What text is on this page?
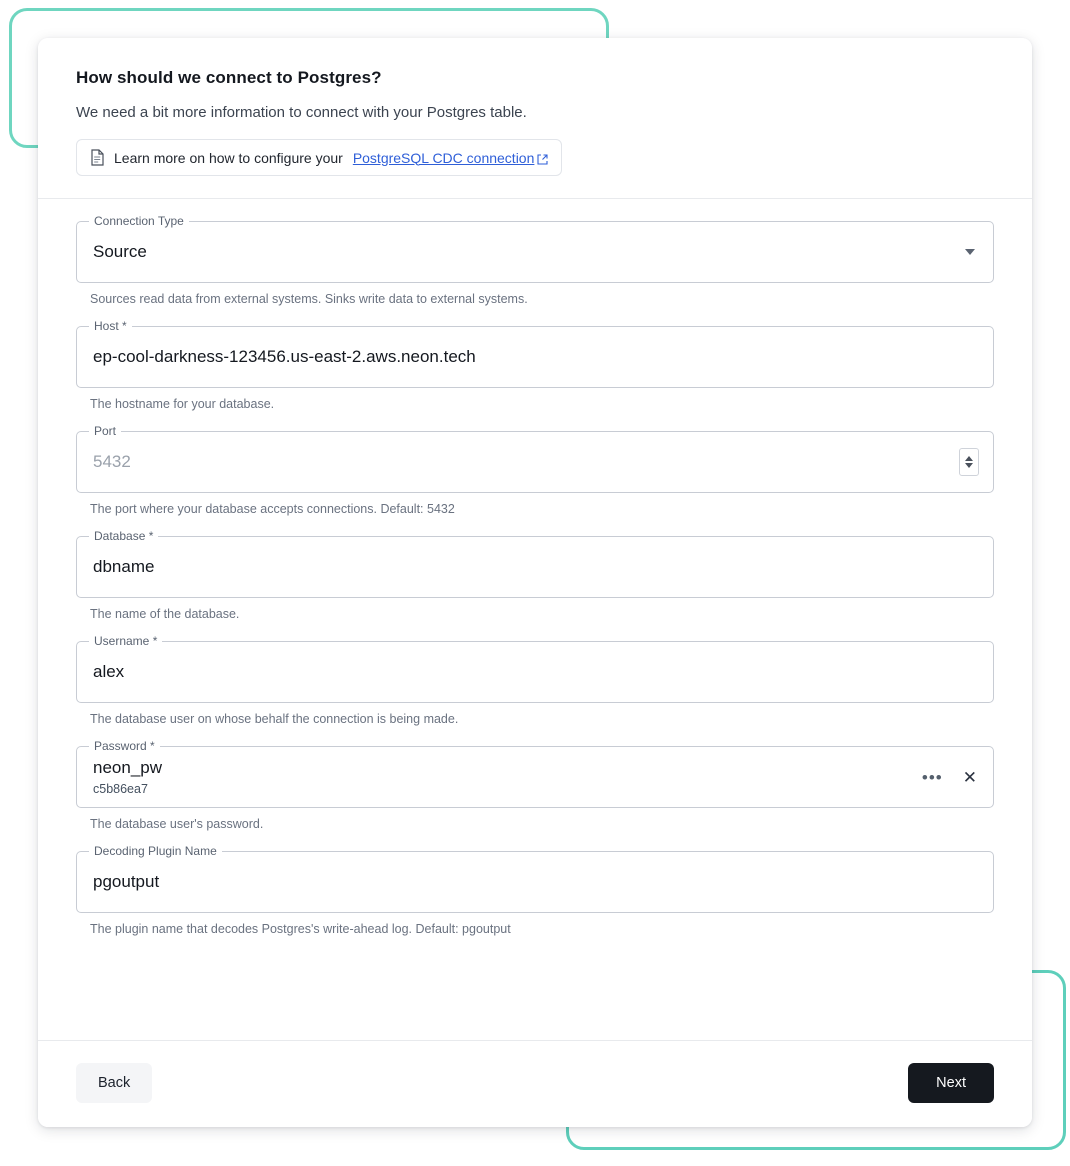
How should we connect to Postgres?
We need a bit more information to connect with your Postgres table.
Learn more on how to configure your PostgreSQL CDC connection
Connection Type
Source
Sources read data from external systems. Sinks write data to external systems.
Host *
ep-cool-darkness-123456.us-east-2.aws.neon.tech
The hostname for your database.
Port
5432
The port where your database accepts connections. Default: 5432
Database *
dbname
The name of the database.
Username *
alex
The database user on whose behalf the connection is being made.
Password *
neon_pw
c5b86ea7
••• ✕
The database user's password.
Decoding Plugin Name
pgoutput
The plugin name that decodes Postgres's write-ahead log. Default: pgoutput
Back	Next
